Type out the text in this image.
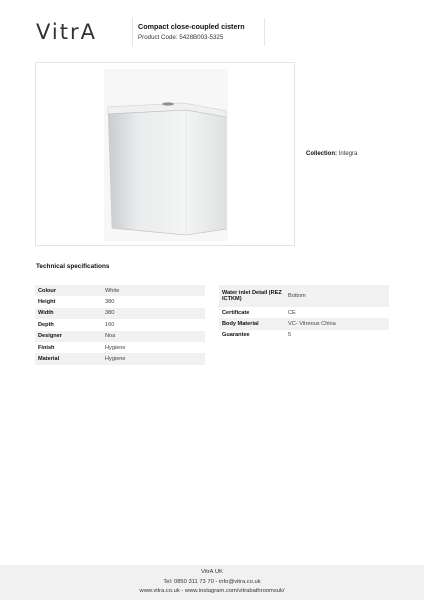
VitrA	Compact close-coupled cistern
Product Code: 5428B003-5325
Collection: Integra
Technical specifications
Colour	White
Height	380
Width	380
Depth	160
Designer	Noa
Finish	Hygiene
Material	Hygiene
Water inlet Detail (REZ ICTKM)	Bottom
Certificate	CE
Body Material	VC- Vitreous China
Guarantee	5
VitrA UK
Tel: 0850 311 73 70 - info@vitra.co.uk
www.vitra.co.uk - www.instagram.com/vitrabathroomsuk/
